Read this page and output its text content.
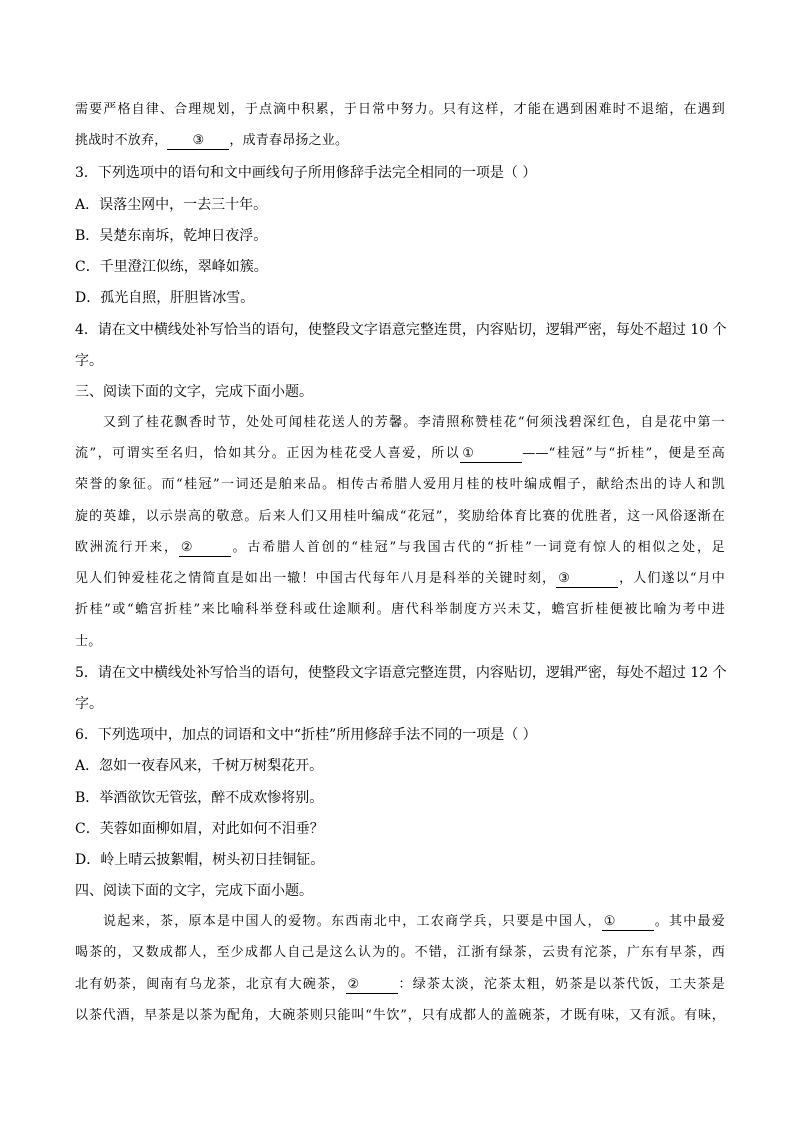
需要严格自律、合理规划，于点滴中积累，于日常中努力。只有这样，才能在遇到困难时不退缩，在遇到
挑战时不放弃， ③ ，成青春昂扬之业。
3．下列选项中的语句和文中画线句子所用修辞手法完全相同的一项是（ ）
A．误落尘网中，一去三十年。
B．吴楚东南坼，乾坤日夜浮。
C．千里澄江似练，翠峰如簇。
D．孤光自照，肝胆皆冰雪。
4．请在文中横线处补写恰当的语句，使整段文字语意完整连贯，内容贴切，逻辑严密，每处不超过 10 个
字。
三、阅读下面的文字，完成下面小题。
又到了桂花飘香时节，处处可闻桂花送人的芳馨。李清照称赞桂花“何须浅碧深红色，自是花中第一
流”，可谓实至名归，恰如其分。正因为桂花受人喜爱，所以 ①	——“桂冠”与“折桂”，便是至高
荣誉的象征。而“桂冠”一词还是舶来品。相传古希腊人爱用月桂的枝叶编成帽子，献给杰出的诗人和凯
旋的英雄，以示崇高的敬意。后来人们又用桂叶编成“花冠”，奖励给体育比赛的优胜者，这一风俗逐渐在
欧洲流行开来， ②	。古希腊人首创的“桂冠”与我国古代的“折桂”一词竟有惊人的相似之处，足
见人们钟爱桂花之情简直是如出一辙！中国古代每年八月是科举的关键时刻， ③	，人们遂以“月中
折桂”或“蟾宫折桂”来比喻科举登科或仕途顺利。唐代科举制度方兴未艾，蟾宫折桂便被比喻为考中进
士。
5．请在文中横线处补写恰当的语句，使整段文字语意完整连贯，内容贴切，逻辑严密，每处不超过 12 个
字。
6．下列选项中，加点的词语和文中“折桂”所用修辞手法不同的一项是（ ）
A．忽如一夜春风来，千树万树梨花开。
B．举酒欲饮无管弦，醉不成欢惨将别。
C．芙蓉如面柳如眉，对此如何不泪垂？
D．岭上晴云披絮帽，树头初日挂铜钲。
四、阅读下面的文字，完成下面小题。
说起来，茶，原本是中国人的爱物。东西南北中，工农商学兵，只要是中国人， ①	。其中最爱
喝茶的，又数成都人，至少成都人自己是这么认为的。不错，江浙有绿茶，云贵有沱茶，广东有早茶，西
北有奶茶，闽南有乌龙茶，北京有大碗茶， ②	：绿茶太淡，沱茶太粗，奶茶是以茶代饭，工夫茶是
以茶代酒，早茶是以茶为配角，大碗茶则只能叫“牛饮”，只有成都人的盖碗茶，才既有味，又有派。有味，
